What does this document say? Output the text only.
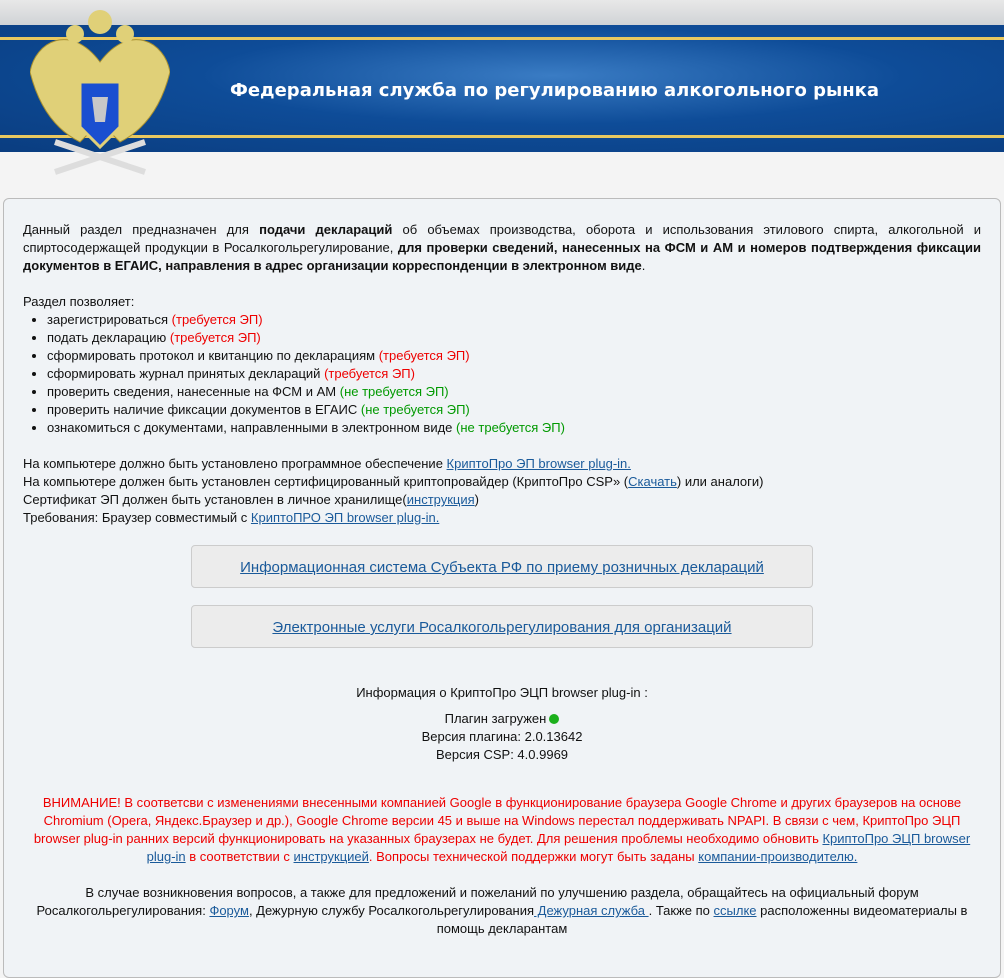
Федеральная служба по регулированию алкогольного рынка

Данный раздел предназначен для подачи деклараций об объемах производства, оборота и использования этилового спирта, алкогольной и спиртосодержащей продукции в Росалкогольрегулирование, для проверки сведений, нанесенных на ФСМ и АМ и номеров подтверждения фиксации документов в ЕГАИС, направления в адрес организации корреспонденции в электронном виде.

Раздел позволяет:

• зарегистрироваться (требуется ЭП)
• подать декларацию (требуется ЭП)
• сформировать протокол и квитанцию по декларациям (требуется ЭП)
• сформировать журнал принятых деклараций (требуется ЭП)
• проверить сведения, нанесенные на ФСМ и АМ (не требуется ЭП)
• проверить наличие фиксации документов в ЕГАИС (не требуется ЭП)
• ознакомиться с документами, направленными в электронном виде (не требуется ЭП)
На компьютере должно быть установлено программное обеспечение КриптоПро ЭП browser plug-in.
На компьютере должен быть установлен сертифицированный криптопровайдер (КриптоПро CSP» (Скачать) или аналоги)
Сертификат ЭП должен быть установлен в личное хранилище(инструкция)
Требования: Браузер совместимый с КриптоПРО ЭП browser plug-in.
Информационная система Субъекта РФ по приему розничных деклараций
Электронные услуги Росалкогольрегулирования для организаций
Информация о КриптоПро ЭЦП browser plug-in :
Плагин загружен
Версия плагина: 2.0.13642
Версия CSP: 4.0.9969

ВНИМАНИЕ! В соответсви с изменениями внесенными компанией Google в функционирование браузера Google Chrome и других браузеров на основе Chromium (Opera, Яндекс.Браузер и др.), Google Chrome версии 45 и выше на Windows перестал поддерживать NPAPI. В связи с чем, КриптоПро ЭЦП browser plug-in ранних версий функционировать на указанных браузерах не будет. Для решения проблемы необходимо обновить КриптоПро ЭЦП browser plug-in в соответствии с инструкцией. Вопросы технической поддержки могут быть заданы компании-производителю.

В случае возникновения вопросов, а также для предложений и пожеланий по улучшению раздела, обращайтесь на официальный форум Росалкогольрегулирования: Форум, Дежурную службу Росалкогольрегулирования Дежурная служба . Также по ссылке расположенны видеоматериалы в помощь декларантам
